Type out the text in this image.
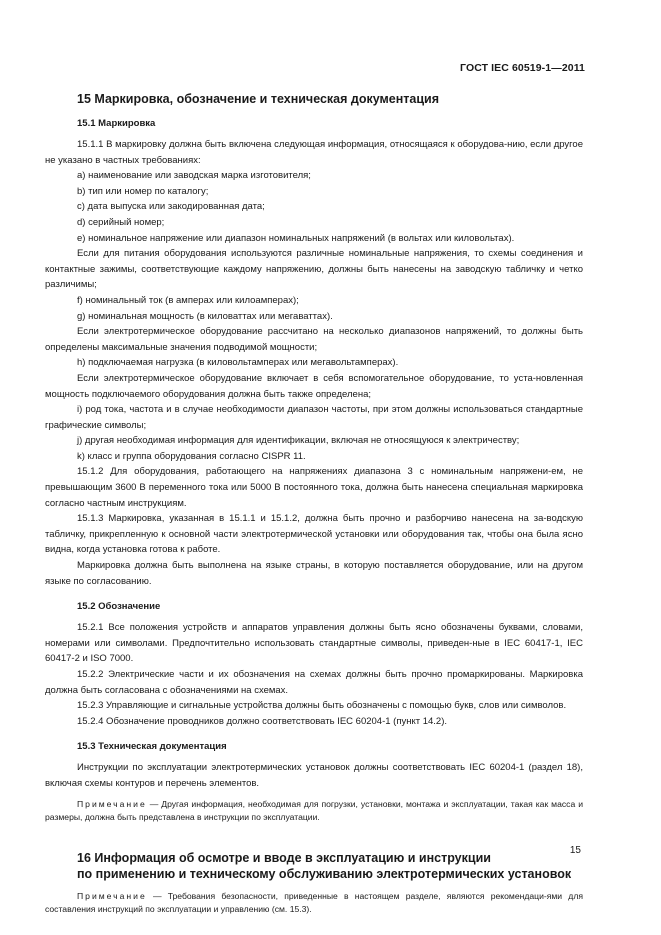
ГОСТ IEC 60519-1—2011
15 Маркировка, обозначение и техническая документация
15.1 Маркировка

15.1.1 В маркировку должна быть включена следующая информация, относящаяся к оборудова-нию, если другое не указано в частных требованиях:

a) наименование или заводская марка изготовителя;

b) тип или номер по каталогу;

c) дата выпуска или закодированная дата;

d) серийный номер;

e) номинальное напряжение или диапазон номинальных напряжений (в вольтах или киловольтах).

Если для питания оборудования используются различные номинальные напряжения, то схемы соединения и контактные зажимы, соответствующие каждому напряжению, должны быть нанесены на заводскую табличку и четко различимы;

f) номинальный ток (в амперах или килоамперах);

g) номинальная мощность (в киловаттах или мегаваттах).

Если электротермическое оборудование рассчитано на несколько диапазонов напряжений, то должны быть определены максимальные значения подводимой мощности;

h) подключаемая нагрузка (в киловольтамперах или мегавольтамперах).

Если электротермическое оборудование включает в себя вспомогательное оборудование, то уста-новленная мощность подключаемого оборудования должна быть также определена;

i) род тока, частота и в случае необходимости диапазон частоты, при этом должны использоваться стандартные графические символы;

j) другая необходимая информация для идентификации, включая не относящуюся к электричеству;

k) класс и группа оборудования согласно CISPR 11.

15.1.2 Для оборудования, работающего на напряжениях диапазона 3 с номинальным напряжени-ем, не превышающим 3600 В переменного тока или 5000 В постоянного тока, должна быть нанесена специальная маркировка согласно частным инструкциям.

15.1.3 Маркировка, указанная в 15.1.1 и 15.1.2, должна быть прочно и разборчиво нанесена на за-водскую табличку, прикрепленную к основной части электротермической установки или оборудования так, чтобы она была ясно видна, когда установка готова к работе.

Маркировка должна быть выполнена на языке страны, в которую поставляется оборудование, или на другом языке по согласованию.

15.2 Обозначение

15.2.1 Все положения устройств и аппаратов управления должны быть ясно обозначены буквами, словами, номерами или символами. Предпочтительно использовать стандартные символы, приведен-ные в IEC 60417-1, IEC 60417-2 и ISO 7000.

15.2.2 Электрические части и их обозначения на схемах должны быть прочно промаркированы. Маркировка должна быть согласована с обозначениями на схемах.

15.2.3 Управляющие и сигнальные устройства должны быть обозначены с помощью букв, слов или символов.

15.2.4 Обозначение проводников должно соответствовать IEC 60204-1 (пункт 14.2).

15.3 Техническая документация

Инструкции по эксплуатации электротермических установок должны соответствовать IEC 60204-1 (раздел 18), включая схемы контуров и перечень элементов.

Примечание — Другая информация, необходимая для погрузки, установки, монтажа и эксплуатации, такая как масса и размеры, должна быть представлена в инструкции по эксплуатации.

16 Информация об осмотре и вводе в эксплуатацию и инструкции
по применению и техническому обслуживанию электротермических установок

Примечание — Требования безопасности, приведенные в настоящем разделе, являются рекомендаци-ями для составления инструкций по эксплуатации и управлению (см. 15.3).

15
